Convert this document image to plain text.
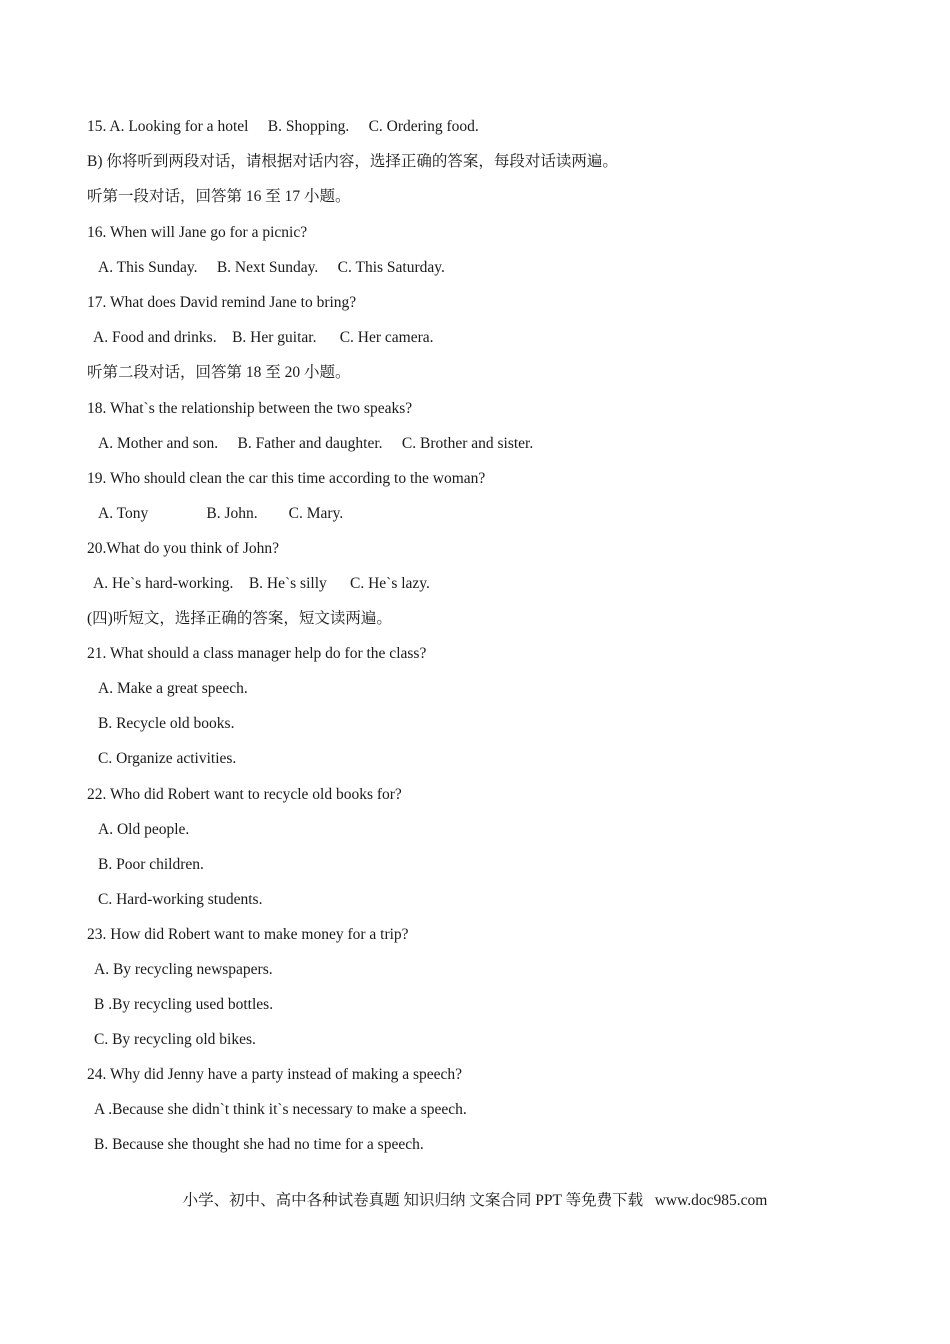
15. A. Looking for a hotel     B. Shopping.     C. Ordering food.
B) 你将听到两段对话，请根据对话内容，选择正确的答案，每段对话读两遍。
听第一段对话，回答第 16 至 17 小题。
16. When will Jane go for a picnic?
A. This Sunday.     B. Next Sunday.     C. This Saturday.
17. What does David remind Jane to bring?
A. Food and drinks.    B. Her guitar.      C. Her camera.
听第二段对话，回答第 18 至 20 小题。
18. What`s the relationship between the two speaks?
A. Mother and son.     B. Father and daughter.     C. Brother and sister.
19. Who should clean the car this time according to the woman?
A. Tony               B. John.        C. Mary.
20.What do you think of John?
A. He`s hard-working.    B. He`s silly      C. He`s lazy.
(四)听短文，选择正确的答案，短文读两遍。
21. What should a class manager help do for the class?
A. Make a great speech.
B. Recycle old books.
C. Organize activities.
22. Who did Robert want to recycle old books for?
A. Old people.
B. Poor children.
C. Hard-working students.
23. How did Robert want to make money for a trip?
A. By recycling newspapers.
B .By recycling used bottles.
C. By recycling old bikes.
24. Why did Jenny have a party instead of making a speech?
A .Because she didn`t think it`s necessary to make a speech.
B. Because she thought she had no time for a speech.
小学、初中、高中各种试卷真题 知识归纳 文案合同 PPT 等免费下载   www.doc985.com
